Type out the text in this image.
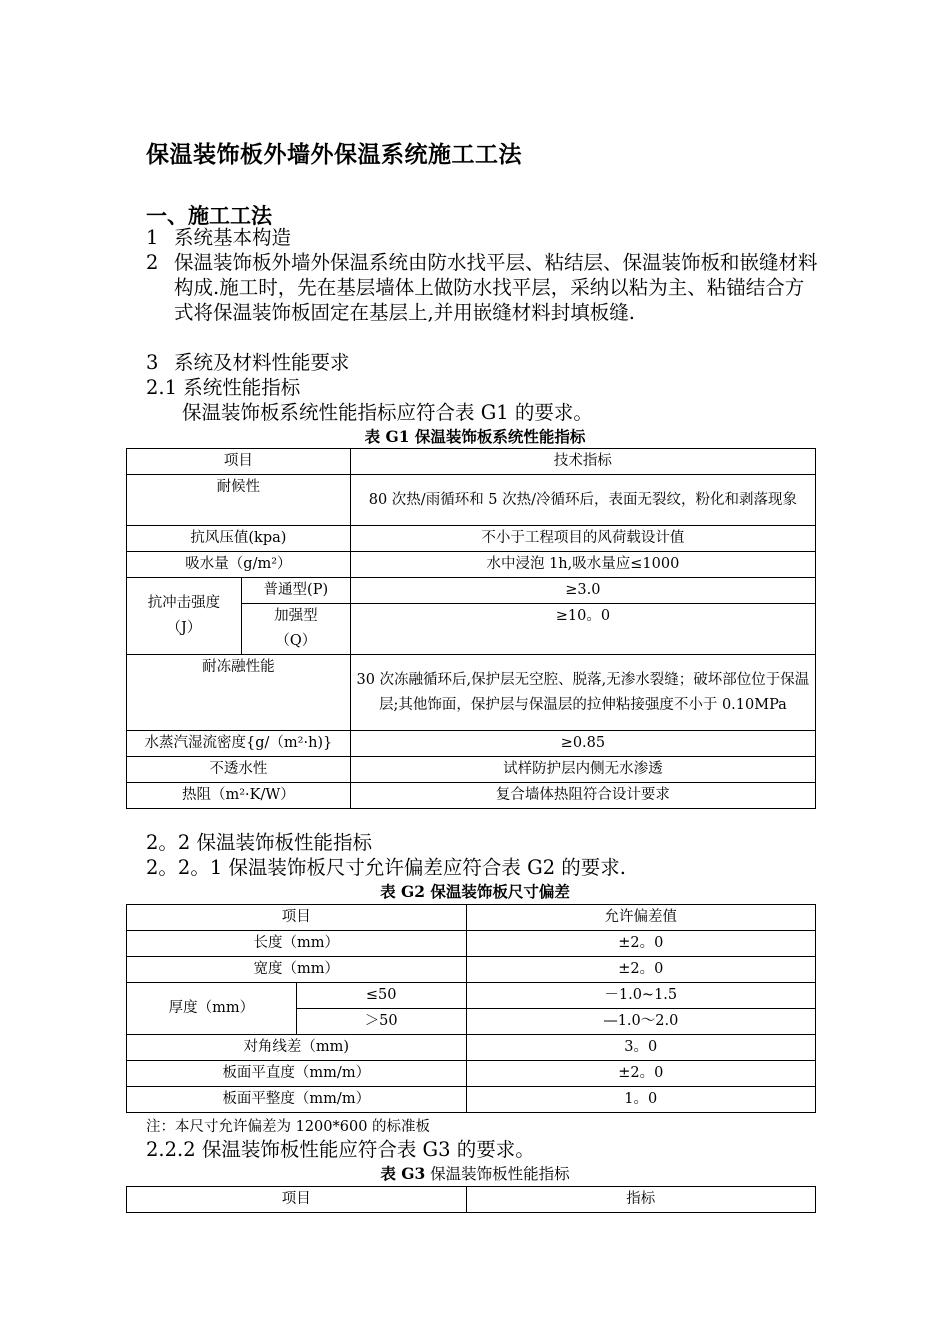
保温装饰板外墙外保温系统施工工法
一、施工工法
1 系统基本构造
2 保温装饰板外墙外保温系统由防水找平层、粘结层、保温装饰板和嵌缝材料构成.施工时，先在基层墙体上做防水找平层，采纳以粘为主、粘锚结合方式将保温装饰板固定在基层上,并用嵌缝材料封填板缝.
3 系统及材料性能要求
2.1 系统性能指标
保温装饰板系统性能指标应符合表 G1 的要求。
表 G1 保温装饰板系统性能指标
项目		技术指标
耐候性		80 次热/雨循环和 5 次热/冷循环后，表面无裂纹，粉化和剥落现象
抗风压值(kpa)		不小于工程项目的风荷载设计值
吸水量（g/m²）		水中浸泡 1h,吸水量应≤1000
抗冲击强度（J）	普通型(P)	≥3.0
	加强型（Q）	≥10。0
耐冻融性能		30 次冻融循环后,保护层无空腔、脱落,无渗水裂缝；破坏部位位于保温层;其他饰面，保护层与保温层的拉伸粘接强度不小于 0.10MPa
水蒸汽湿流密度{g/（m²·h)}		≥0.85
不透水性		试样防护层内侧无水渗透
热阻（m²·K/W）		复合墙体热阻符合设计要求
2。2 保温装饰板性能指标
2。2。1 保温装饰板尺寸允许偏差应符合表 G2 的要求.
表 G2 保温装饰板尺寸偏差
项目		允许偏差值
长度（mm）		±2。0
宽度（mm）		±2。0
厚度（mm）	≤50	－1.0~1.5
	＞50	—1.0～2.0
对角线差（mm)		3。0
板面平直度（mm/m）		±2。0
板面平整度（mm/m）		1。0
注：本尺寸允许偏差为 1200*600 的标准板
2.2.2 保温装饰板性能应符合表 G3 的要求。
表 G3 保温装饰板性能指标
项目	指标
